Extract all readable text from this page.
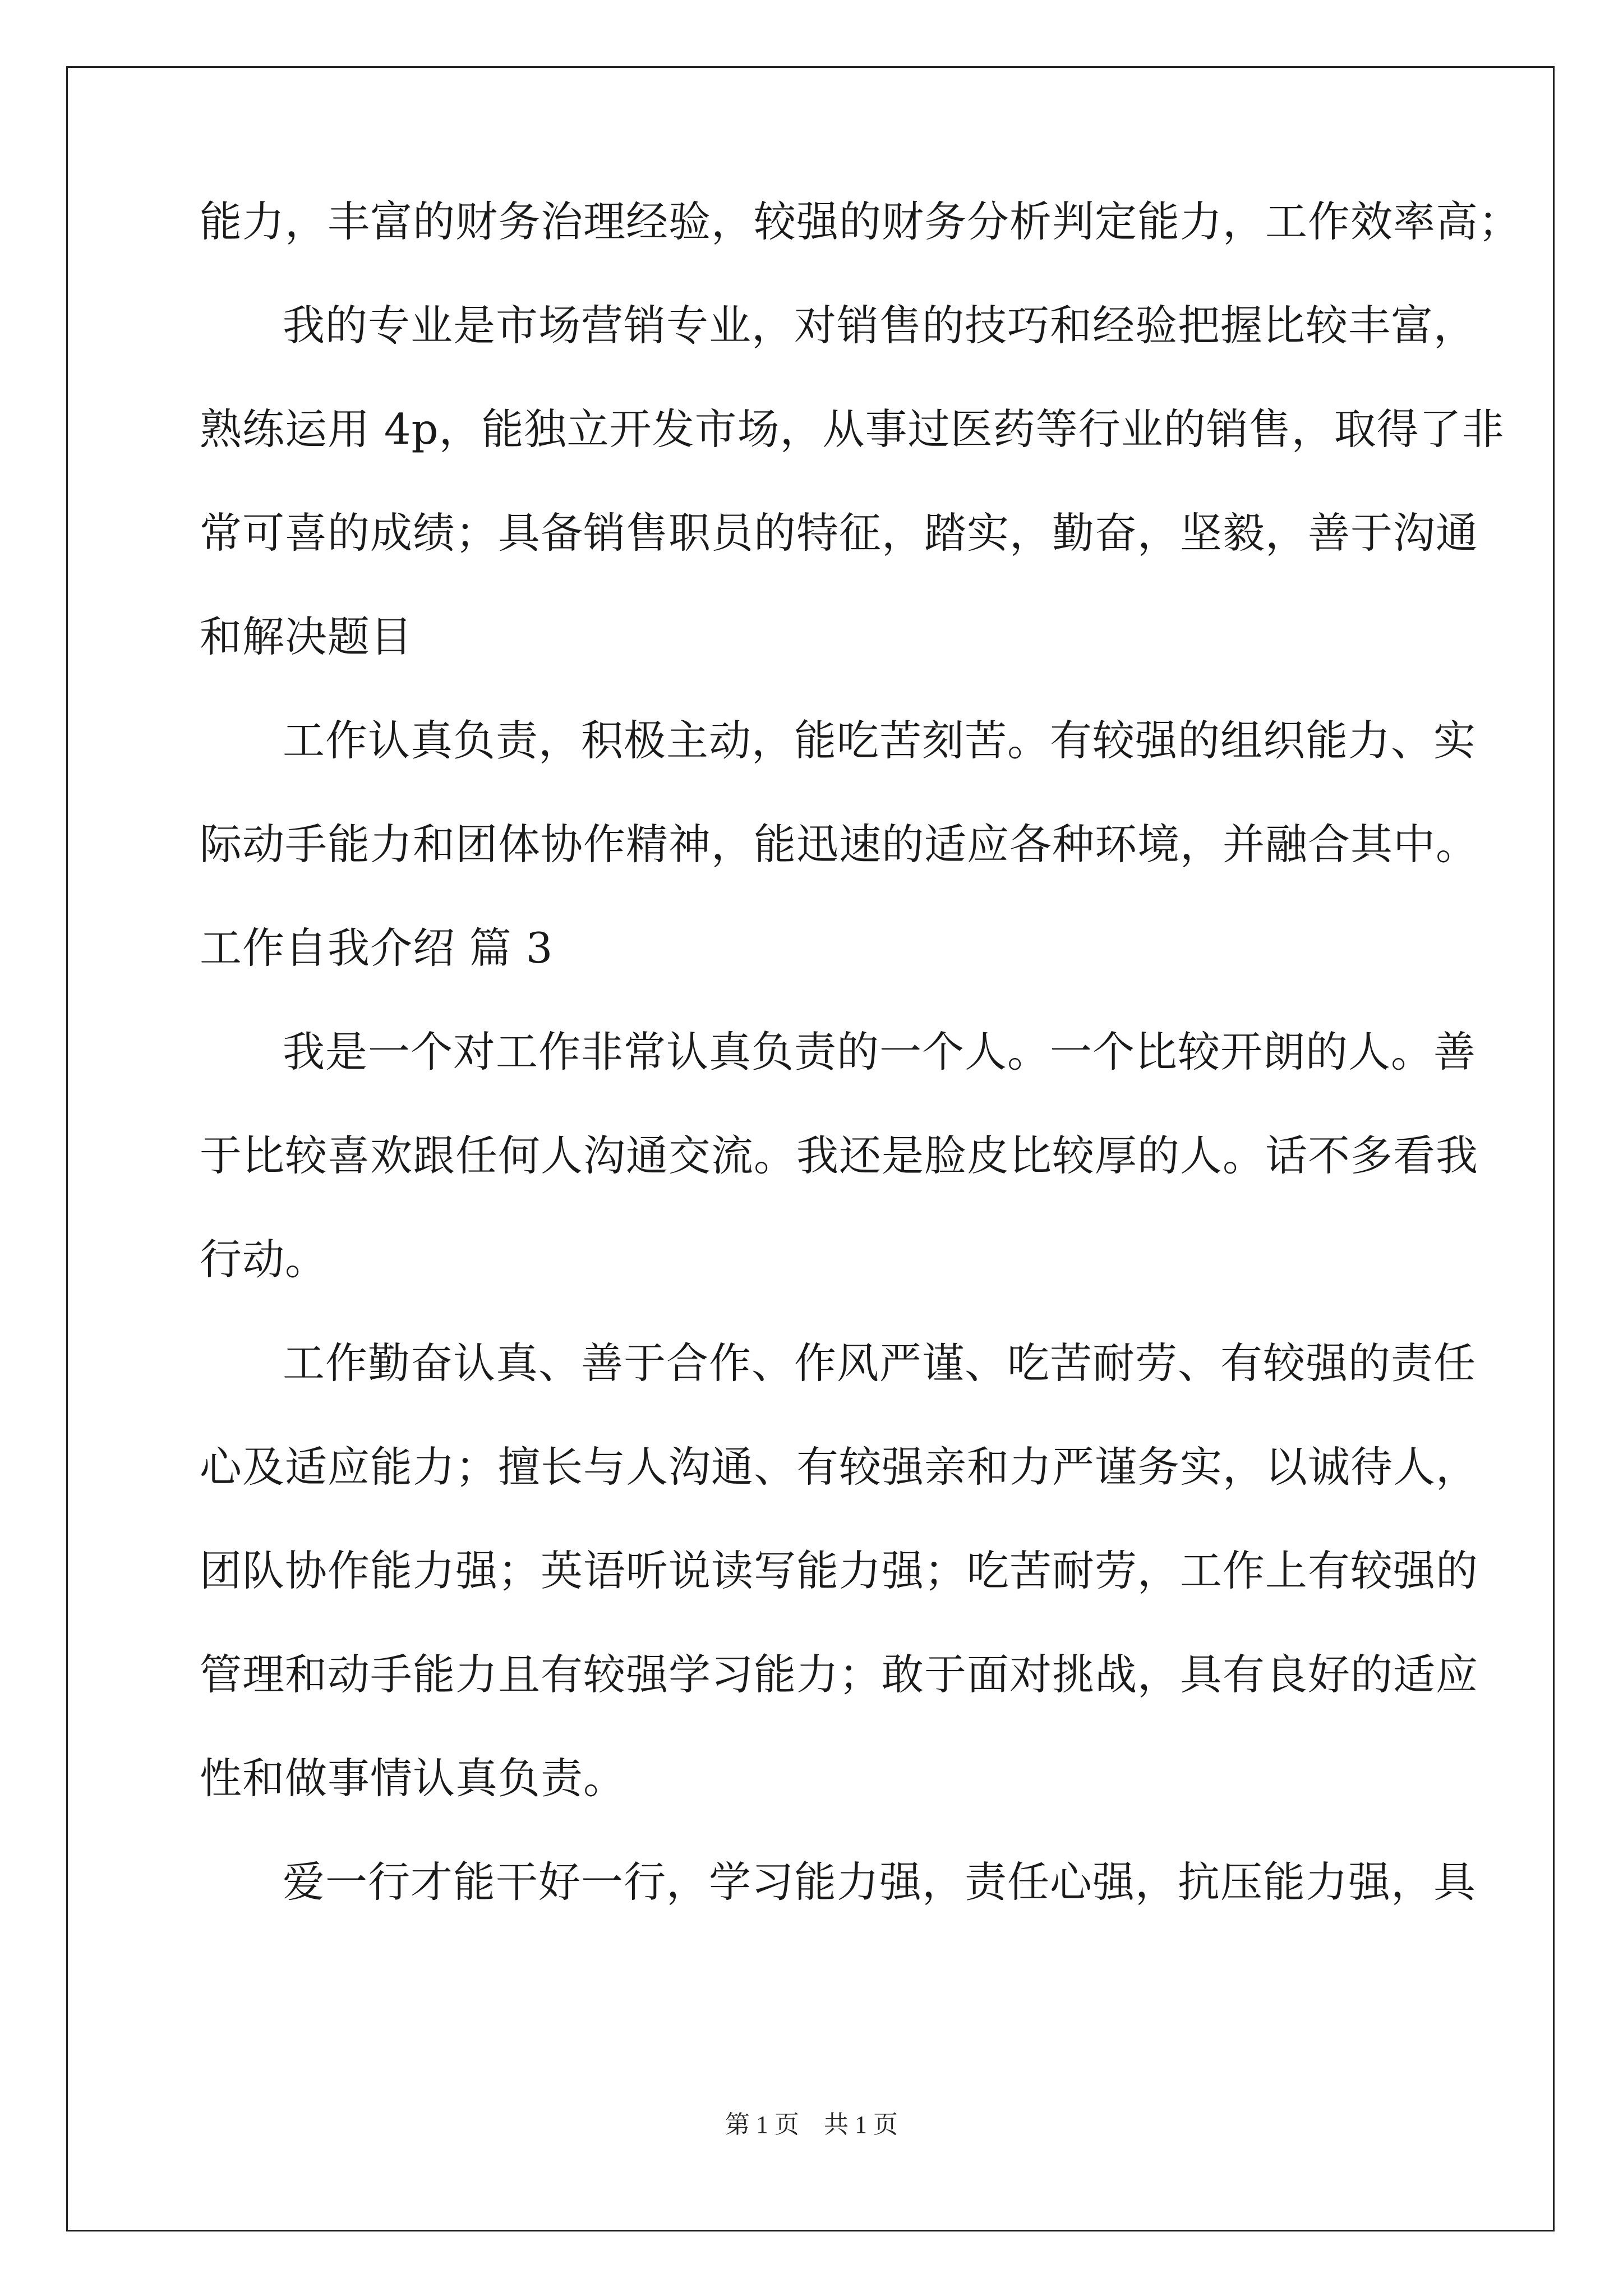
能力，丰富的财务治理经验，较强的财务分析判定能力，工作效率高；
我的专业是市场营销专业，对销售的技巧和经验把握比较丰富，
熟练运用 4p，能独立开发市场，从事过医药等行业的销售，取得了非
常可喜的成绩；具备销售职员的特征，踏实，勤奋，坚毅，善于沟通
和解决题目
工作认真负责，积极主动，能吃苦刻苦。有较强的组织能力、实
际动手能力和团体协作精神，能迅速的适应各种环境，并融合其中。
工作自我介绍 篇 3
我是一个对工作非常认真负责的一个人。一个比较开朗的人。善
于比较喜欢跟任何人沟通交流。我还是脸皮比较厚的人。话不多看我
行动。
工作勤奋认真、善于合作、作风严谨、吃苦耐劳、有较强的责任
心及适应能力；擅长与人沟通、有较强亲和力严谨务实，以诚待人，
团队协作能力强；英语听说读写能力强；吃苦耐劳，工作上有较强的
管理和动手能力且有较强学习能力；敢于面对挑战，具有良好的适应
性和做事情认真负责。
爱一行才能干好一行，学习能力强，责任心强，抗压能力强，具
第 1 页 共 1 页
